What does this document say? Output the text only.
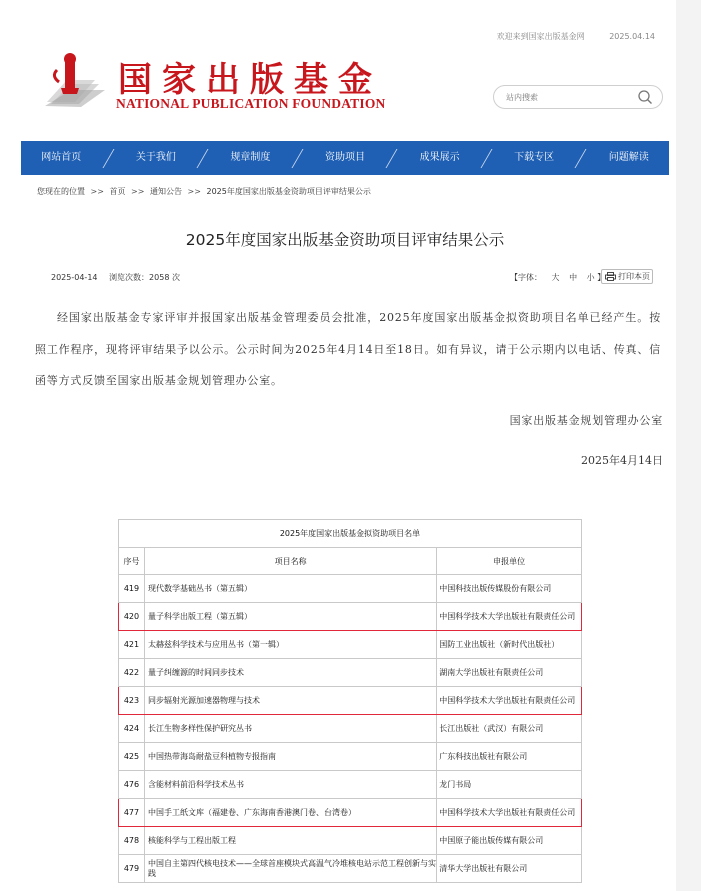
欢迎来到国家出版基金网	2025.04.14
国家出版基金
NATIONAL PUBLICATION FOUNDATION
站内搜索
网站首页	关于我们	规章制度	资助项目	成果展示	下载专区	问题解读
您现在的位置 >> 首页 >> 通知公告 >> 2025年度国家出版基金资助项目评审结果公示
2025年度国家出版基金资助项目评审结果公示
2025-04-14 浏览次数：2058 次	【字体： 大 中 小 】 打印本页
经国家出版基金专家评审并报国家出版基金管理委员会批准，2025年度国家出版基金拟资助项目名单已经产生。按照工作程序，现将评审结果予以公示。公示时间为2025年4月14日至18日。如有异议，请于公示期内以电话、传真、信函等方式反馈至国家出版基金规划管理办公室。
国家出版基金规划管理办公室
2025年4月14日
2025年度国家出版基金拟资助项目名单		
序号	项目名称	申报单位
419	现代数学基础丛书（第五辑）	中国科技出版传媒股份有限公司
420	量子科学出版工程（第五辑）	中国科学技术大学出版社有限责任公司
421	太赫兹科学技术与应用丛书（第一辑）	国防工业出版社（新时代出版社）
422	量子纠缠源的时间同步技术	湖南大学出版社有限责任公司
423	同步辐射光源加速器物理与技术	中国科学技术大学出版社有限责任公司
424	长江生物多样性保护研究丛书	长江出版社（武汉）有限公司
425	中国热带海岛耐盐豆科植物专报指南	广东科技出版社有限公司
476	含能材料前沿科学技术丛书	龙门书局
477	中国手工纸文库（福建卷、广东海南香港澳门卷、台湾卷）	中国科学技术大学出版社有限责任公司
478	核能科学与工程出版工程	中国原子能出版传媒有限公司
479	中国自主第四代核电技术——全球首座模块式高温气冷堆核电站示范工程创新与实践	清华大学出版社有限公司
